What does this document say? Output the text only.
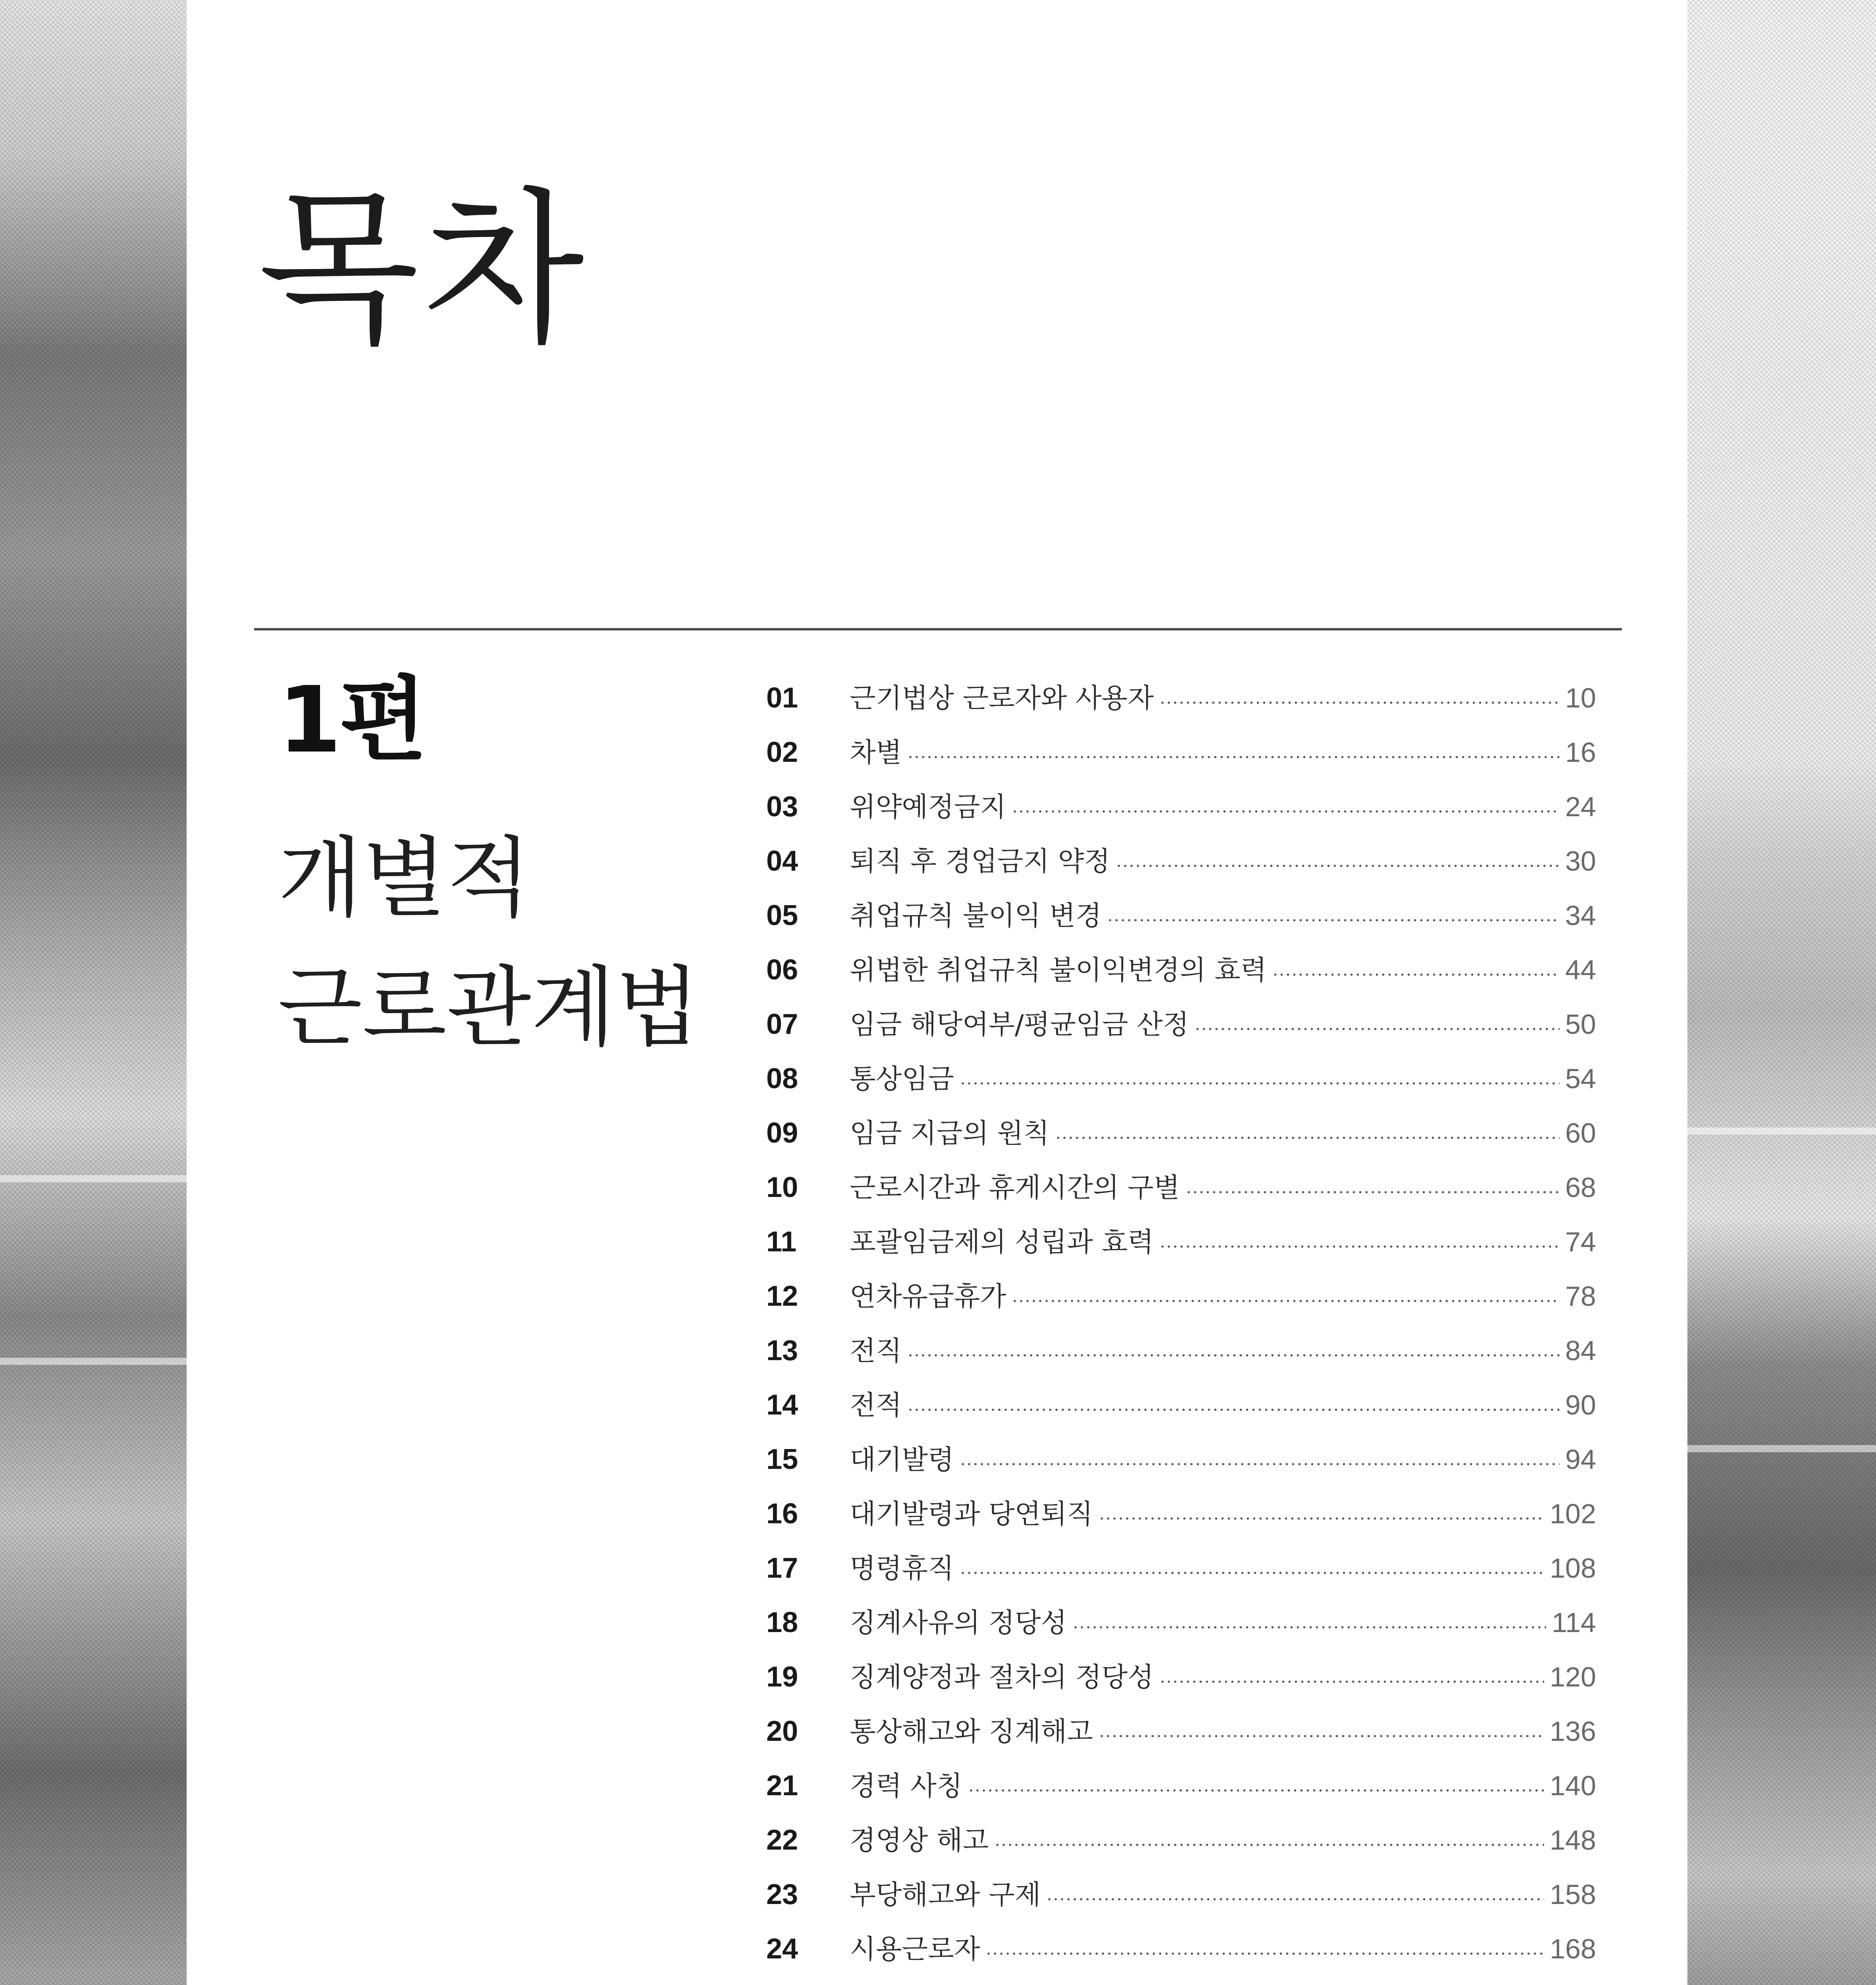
목차
1편
개별적
근로관계법
01	근기법상 근로자와 사용자	10
02	차별	16
03	위약예정금지	24
04	퇴직 후 경업금지 약정	30
05	취업규칙 불이익 변경	34
06	위법한 취업규칙 불이익변경의 효력	44
07	임금 해당여부/평균임금 산정	50
08	통상임금	54
09	임금 지급의 원칙	60
10	근로시간과 휴게시간의 구별	68
11	포괄임금제의 성립과 효력	74
12	연차유급휴가	78
13	전직	84
14	전적	90
15	대기발령	94
16	대기발령과 당연퇴직	102
17	명령휴직	108
18	징계사유의 정당성	114
19	징계양정과 절차의 정당성	120
20	통상해고와 징계해고	136
21	경력 사칭	140
22	경영상 해고	148
23	부당해고와 구제	158
24	시용근로자	168
